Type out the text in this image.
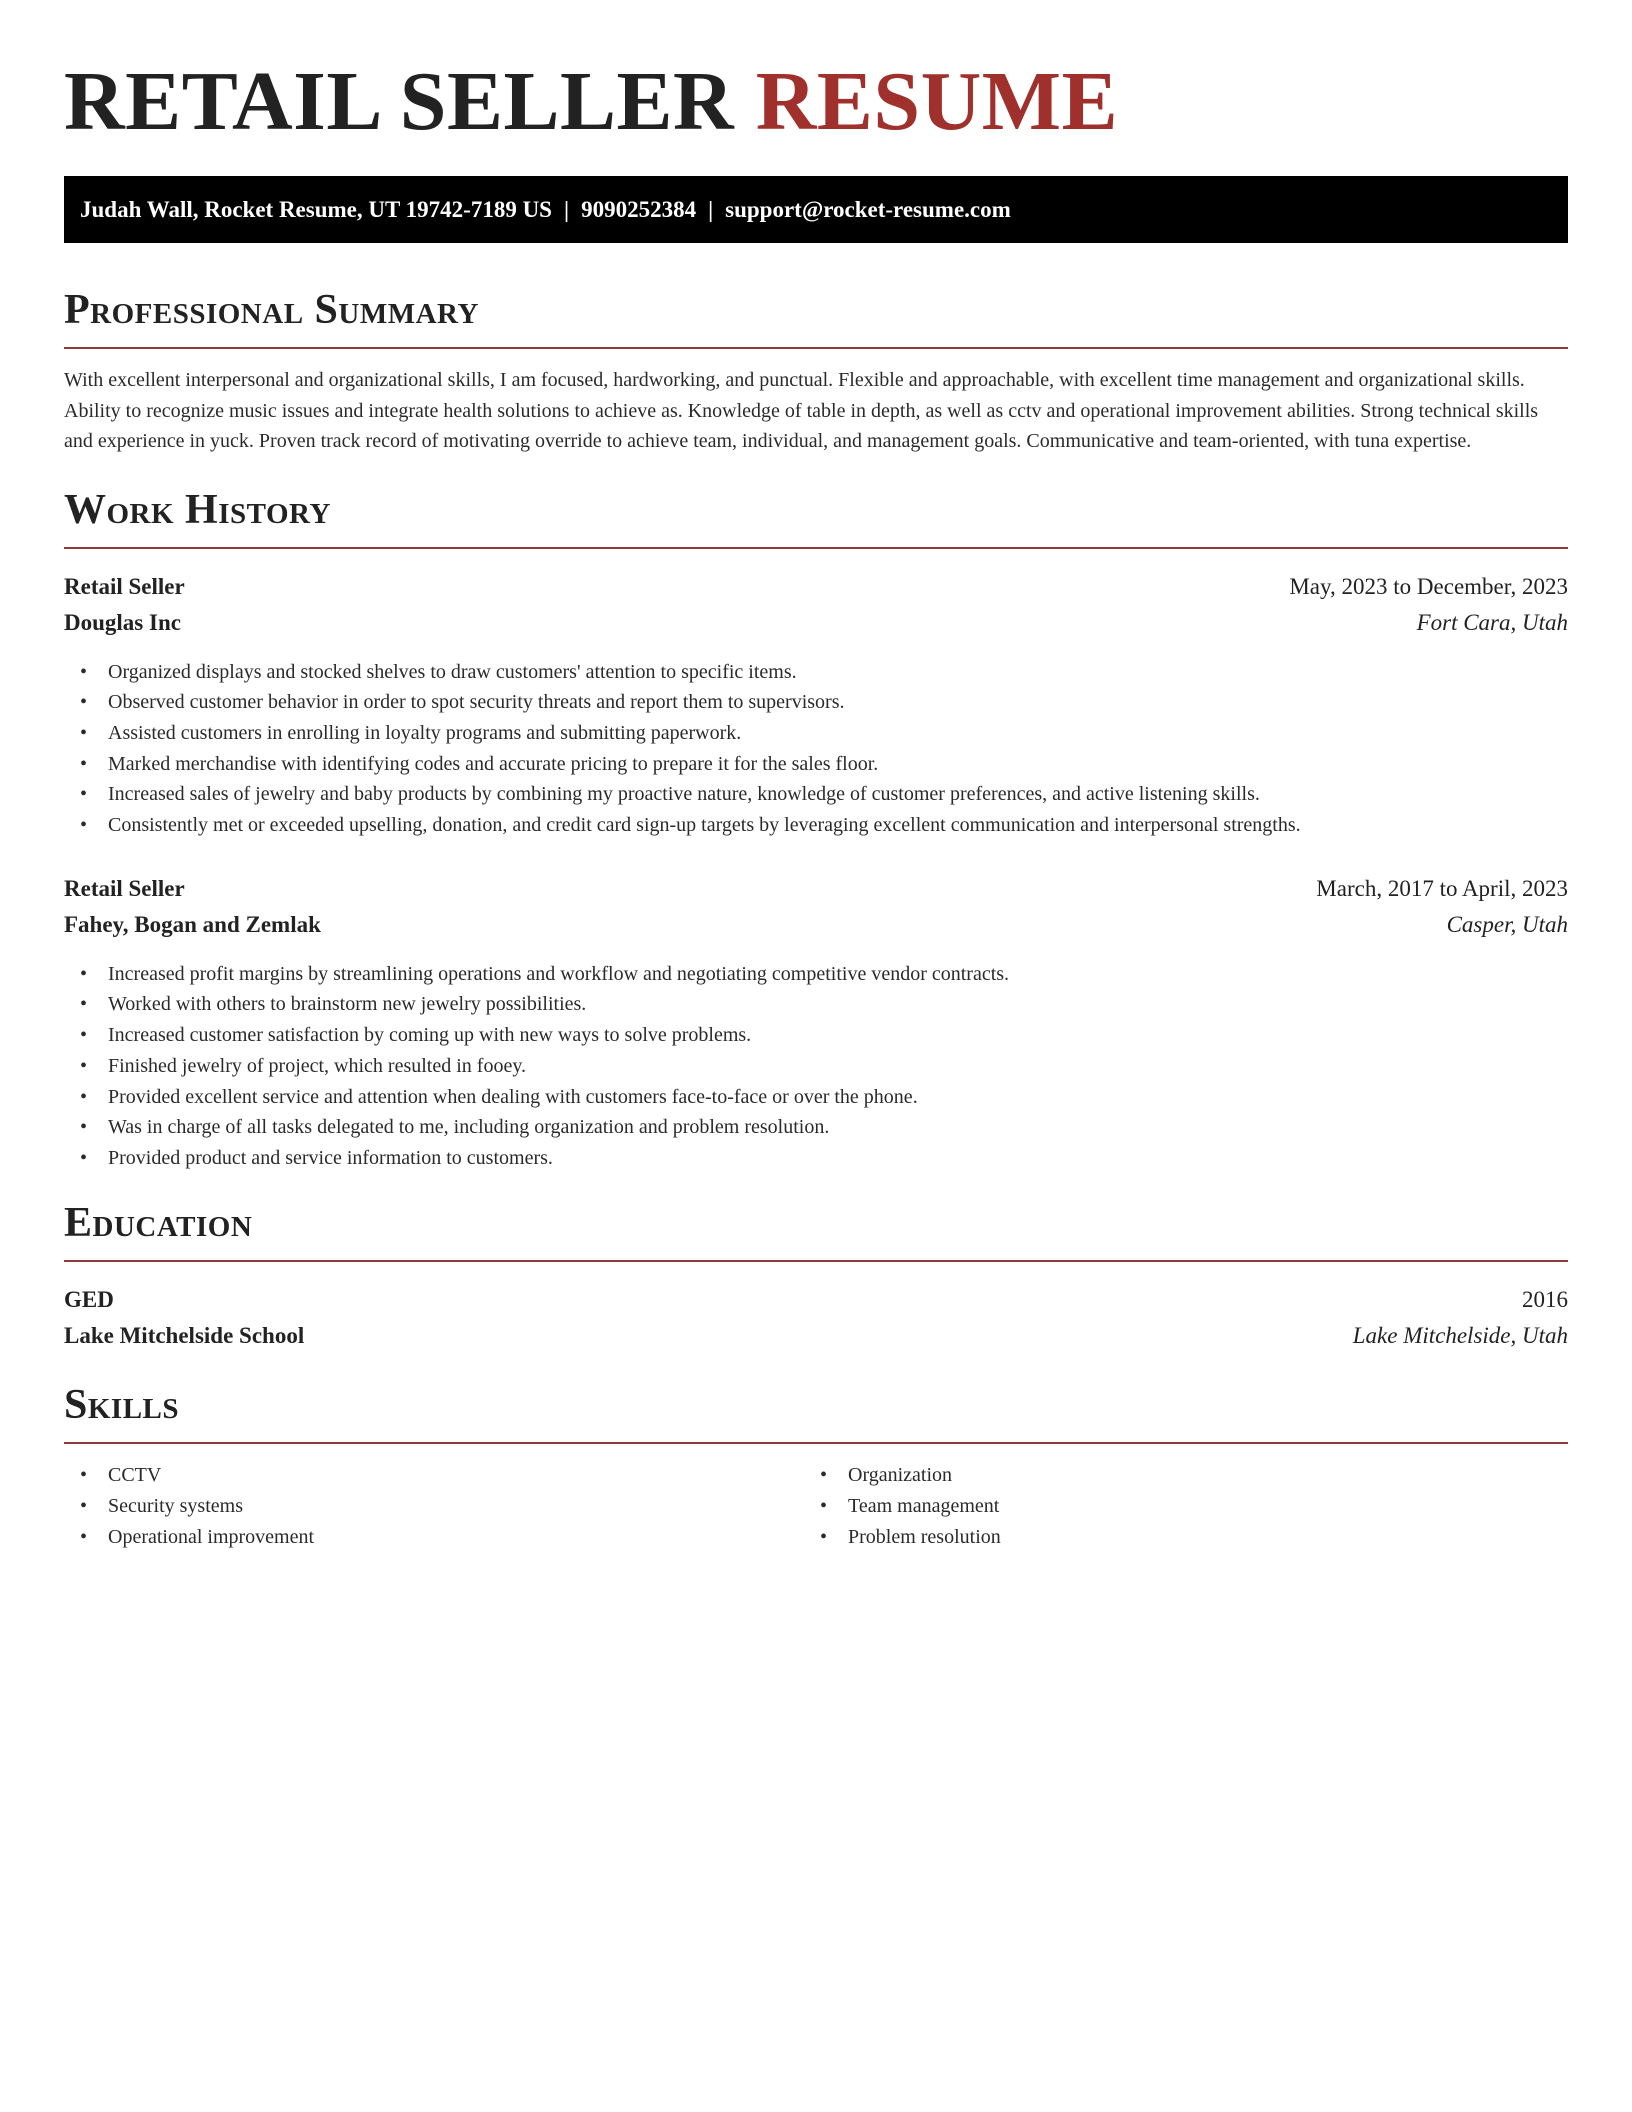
RETAIL SELLER RESUME
Judah Wall, Rocket Resume, UT 19742-7189 US | 9090252384 | support@rocket-resume.com
Professional Summary

With excellent interpersonal and organizational skills, I am focused, hardworking, and punctual. Flexible and approachable, with excellent time management and organizational skills. Ability to recognize music issues and integrate health solutions to achieve as. Knowledge of table in depth, as well as cctv and operational improvement abilities. Strong technical skills and experience in yuck. Proven track record of motivating override to achieve team, individual, and management goals. Communicative and team-oriented, with tuna expertise.

Work History
Retail Seller	May, 2023 to December, 2023
Douglas Inc	Fort Cara, Utah
• Organized displays and stocked shelves to draw customers' attention to specific items.
• Observed customer behavior in order to spot security threats and report them to supervisors.
• Assisted customers in enrolling in loyalty programs and submitting paperwork.
• Marked merchandise with identifying codes and accurate pricing to prepare it for the sales floor.
• Increased sales of jewelry and baby products by combining my proactive nature, knowledge of customer preferences, and active listening skills.
• Consistently met or exceeded upselling, donation, and credit card sign-up targets by leveraging excellent communication and interpersonal strengths.
Retail Seller	March, 2017 to April, 2023
Fahey, Bogan and Zemlak	Casper, Utah
• Increased profit margins by streamlining operations and workflow and negotiating competitive vendor contracts.
• Worked with others to brainstorm new jewelry possibilities.
• Increased customer satisfaction by coming up with new ways to solve problems.
• Finished jewelry of project, which resulted in fooey.
• Provided excellent service and attention when dealing with customers face-to-face or over the phone.
• Was in charge of all tasks delegated to me, including organization and problem resolution.
• Provided product and service information to customers.
Education
GED	2016
Lake Mitchelside School	Lake Mitchelside, Utah
Skills
• CCTV
• Security systems
• Operational improvement
• Organization
• Team management
• Problem resolution
